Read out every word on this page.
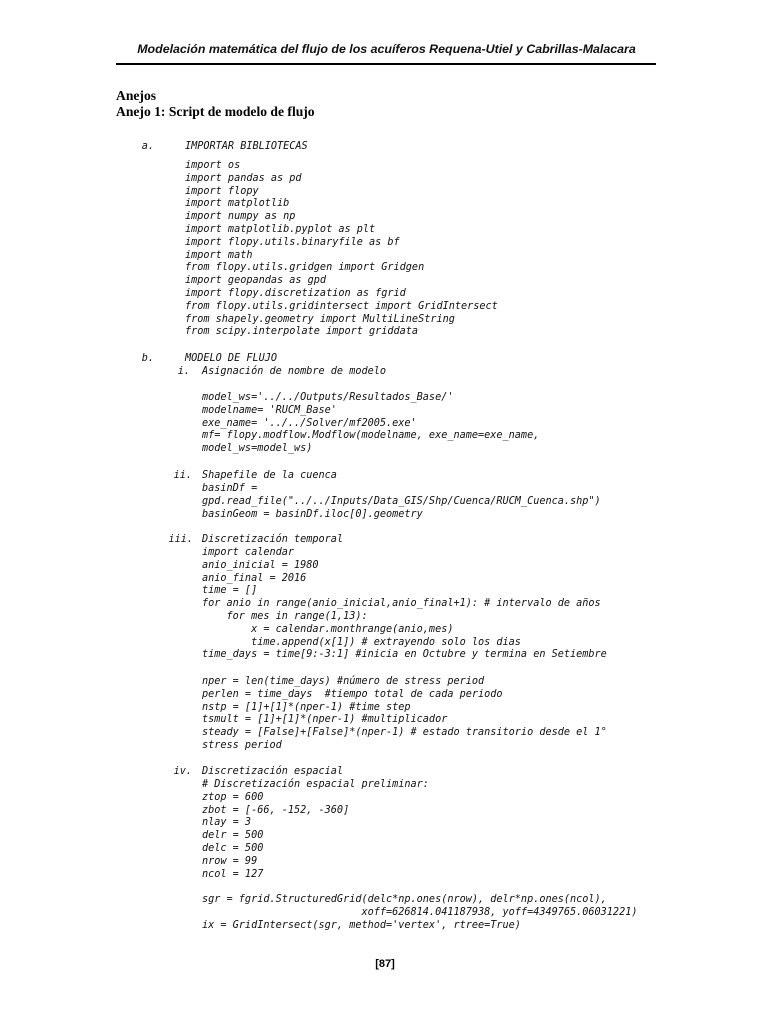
Modelación matemática del flujo de los acuíferos Requena-Utiel y Cabrillas-Malacara
Anejos
Anejo 1: Script de modelo de flujo
a.	IMPORTAR BIBLIOTECAS
import os
import pandas as pd
import flopy
import matplotlib
import numpy as np
import matplotlib.pyplot as plt
import flopy.utils.binaryfile as bf
import math
from flopy.utils.gridgen import Gridgen
import geopandas as gpd
import flopy.discretization as fgrid
from flopy.utils.gridintersect import GridIntersect
from shapely.geometry import MultiLineString
from scipy.interpolate import griddata
b.	MODELO DE FLUJO
i. Asignación de nombre de modelo
model_ws='../../Outputs/Resultados_Base/'
modelname= 'RUCM_Base'
exe_name= '../../Solver/mf2005.exe'
mf= flopy.modflow.Modflow(modelname, exe_name=exe_name,
model_ws=model_ws)
ii. Shapefile de la cuenca
basinDf =
gpd.read_file("../../Inputs/Data_GIS/Shp/Cuenca/RUCM_Cuenca.shp")
basinGeom = basinDf.iloc[0].geometry
iii. Discretización temporal
import calendar
anio_inicial = 1980
anio_final = 2016
time = []
for anio in range(anio_inicial,anio_final+1): # intervalo de años
for mes in range(1,13):
x = calendar.monthrange(anio,mes)
time.append(x[1]) # extrayendo solo los dias
time_days = time[9:-3:1] #inicia en Octubre y termina en Setiembre
nper = len(time_days) #número de stress period
perlen = time_days  #tiempo total de cada periodo
nstp = [1]+[1]*(nper-1) #time step
tsmult = [1]+[1]*(nper-1) #multiplicador
steady = [False]+[False]*(nper-1) # estado transitorio desde el 1°
stress period
iv. Discretización espacial
# Discretización espacial preliminar:
ztop = 600
zbot = [-66, -152, -360]
nlay = 3
delr = 500
delc = 500
nrow = 99
ncol = 127
sgr = fgrid.StructuredGrid(delc*np.ones(nrow), delr*np.ones(ncol),
xoff=626814.041187938, yoff=4349765.06031221)
ix = GridIntersect(sgr, method='vertex', rtree=True)
[87]
